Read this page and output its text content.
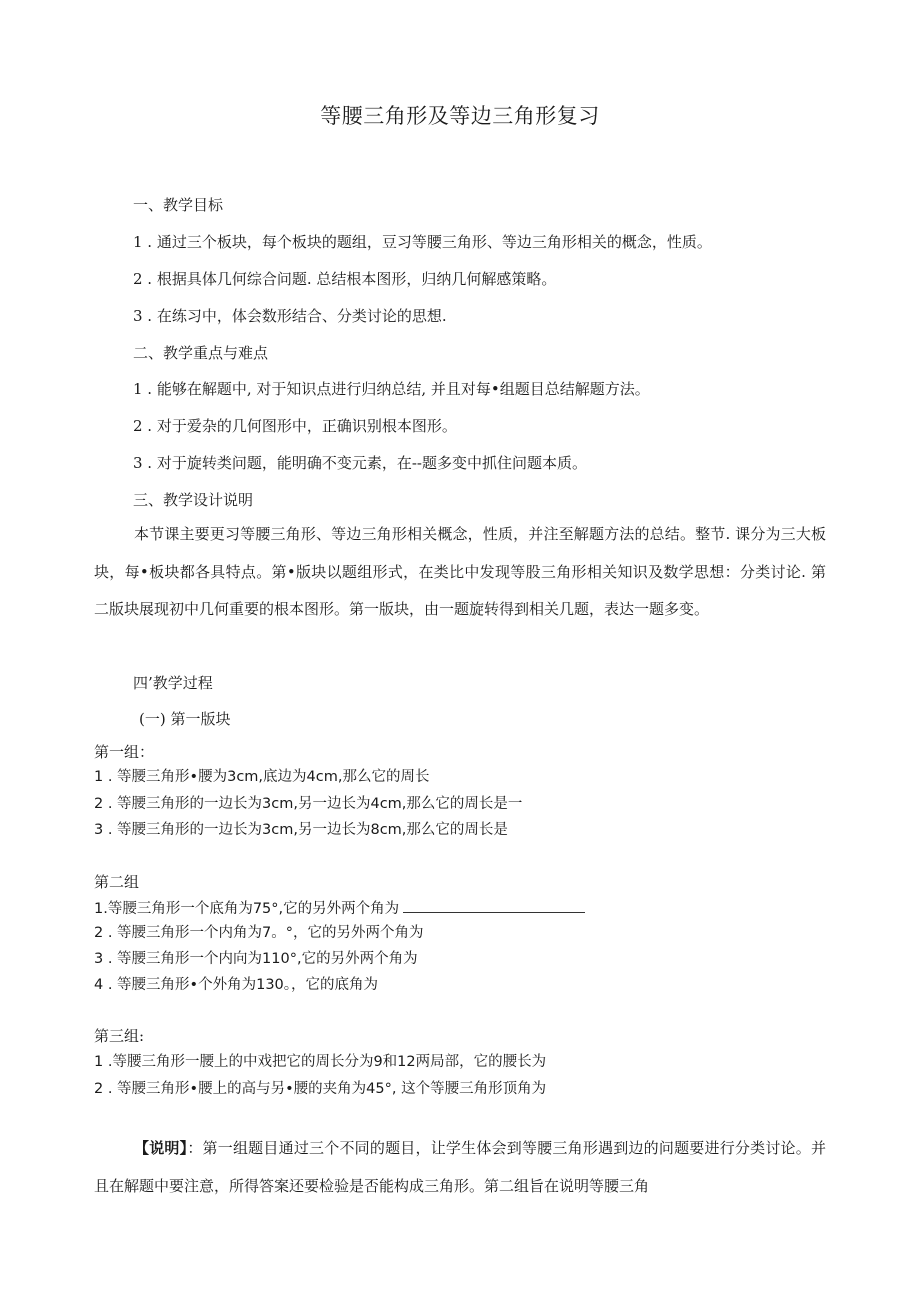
等腰三角形及等边三角形复习
一、教学目标
1 . 通过三个板块，每个板块的题组，豆习等腰三角形、等边三角形相关的概念，性质。
2 . 根据具体几何综合问题. 总结根本图形，归纳几何解感策略。
3 . 在练习中，体会数形结合、分类讨论的思想.
二、教学重点与难点
1 . 能够在解题中, 对于知识点进行归纳总结, 并且对每•组题目总结解题方法。
2 . 对于爱杂的几何图形中，正确识别根本图形。
3 . 对于旋转类问题，能明确不变元素，在--题多变中抓住问题本质。
三、教学设计说明
本节课主要更习等腰三角形、等边三角形相关概念，性质，并注至解题方法的总结。整节. 课分为三大板块，每•板块都各具特点。第•版块以题组形式，在类比中发现等股三角形相关知识及数学思想：分类讨论. 第二版块展现初中几何重要的根本图形。第一版块，由一题旋转得到相关几题，表达一题多变。
四’教学过程
(一) 第一版块
第一组：
1 . 等腰三角形•腰为3cm,底边为4cm,那么它的周长
2 . 等腰三角形的一边长为3cm,另一边长为4cm,那么它的周长是一
3 . 等腰三角形的一边长为3cm,另一边长为8cm,那么它的周长是
第二组
1.等腰三角形一个底角为75°,它的另外两个角为
2 . 等腰三角形一个内角为7。°，它的另外两个角为
3 . 等腰三角形一个内向为110°,它的另外两个角为
4 . 等腰三角形•个外角为130。，它的底角为
第三组:
1 .等腰三角形一腰上的中戏把它的周长分为9和12两局部，它的腰长为
2 . 等腰三角形•腰上的高与另•腰的夹角为45°, 这个等腰三角形顶角为
【说明】：第一组题目通过三个不同的题目，让学生体会到等腰三角形遇到边的问题要进行分类讨论。并且在解题中要注意，所得答案还要检验是否能构成三角形。第二组旨在说明等腰三角
